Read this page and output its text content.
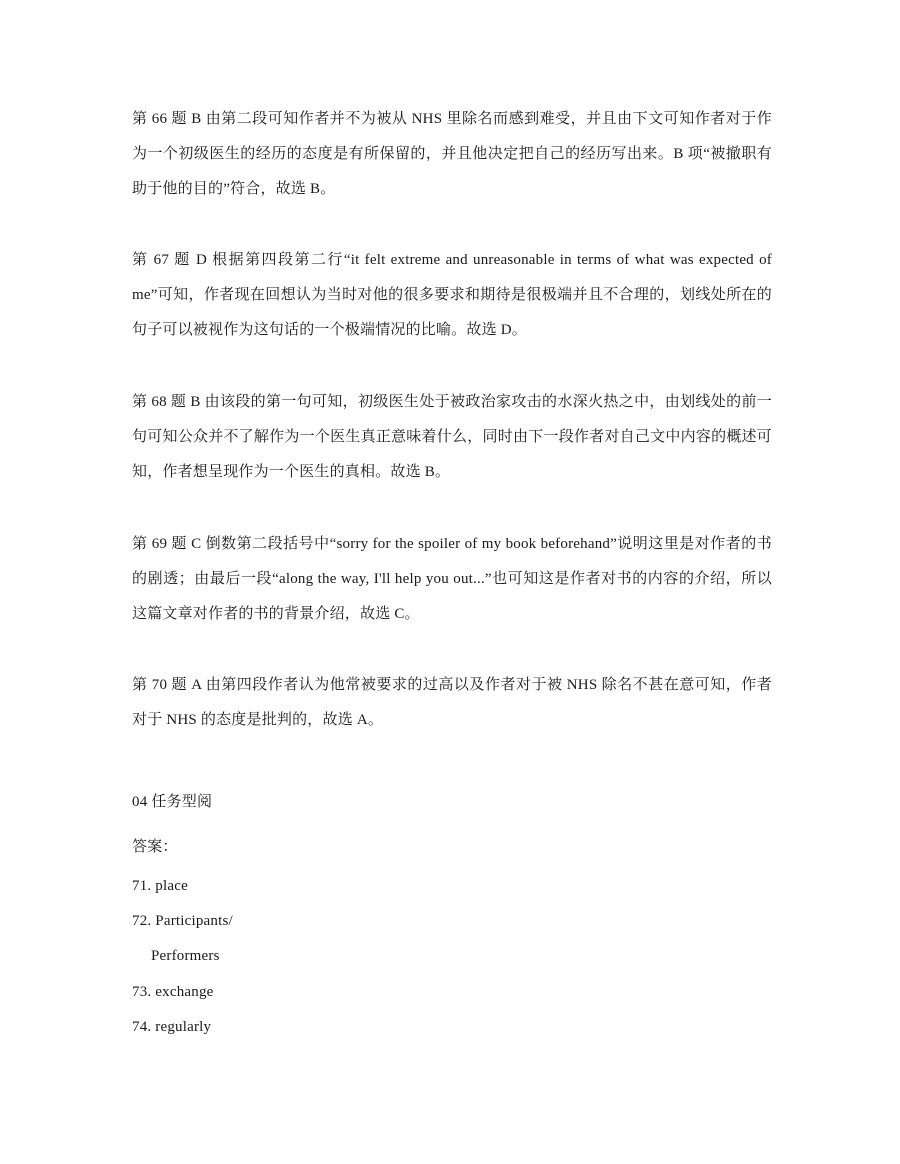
第 66 题 B 由第二段可知作者并不为被从 NHS 里除名而感到难受，并且由下文可知作者对于作为一个初级医生的经历的态度是有所保留的，并且他决定把自己的经历写出来。B 项“被撤职有助于他的目的”符合，故选 B。

第 67 题 D 根据第四段第二行“it felt extreme and unreasonable in terms of what was expected of me”可知，作者现在回想认为当时对他的很多要求和期待是很极端并且不合理的，划线处所在的句子可以被视作为这句话的一个极端情况的比喻。故选 D。

第 68 题 B 由该段的第一句可知，初级医生处于被政治家攻击的水深火热之中，由划线处的前一句可知公众并不了解作为一个医生真正意味着什么，同时由下一段作者对自己文中内容的概述可知，作者想呈现作为一个医生的真相。故选 B。

第 69 题 C 倒数第二段括号中“sorry for the spoiler of my book beforehand”说明这里是对作者的书的剧透；由最后一段“along the way, I'll help you out...”也可知这是作者对书的内容的介绍，所以这篇文章对作者的书的背景介绍，故选 C。

第 70 题 A 由第四段作者认为他常被要求的过高以及作者对于被 NHS 除名不甚在意可知，作者对于 NHS 的态度是批判的，故选 A。

04 任务型阅

答案：

71. place

72. Participants/

Performers

73. exchange

74. regularly
